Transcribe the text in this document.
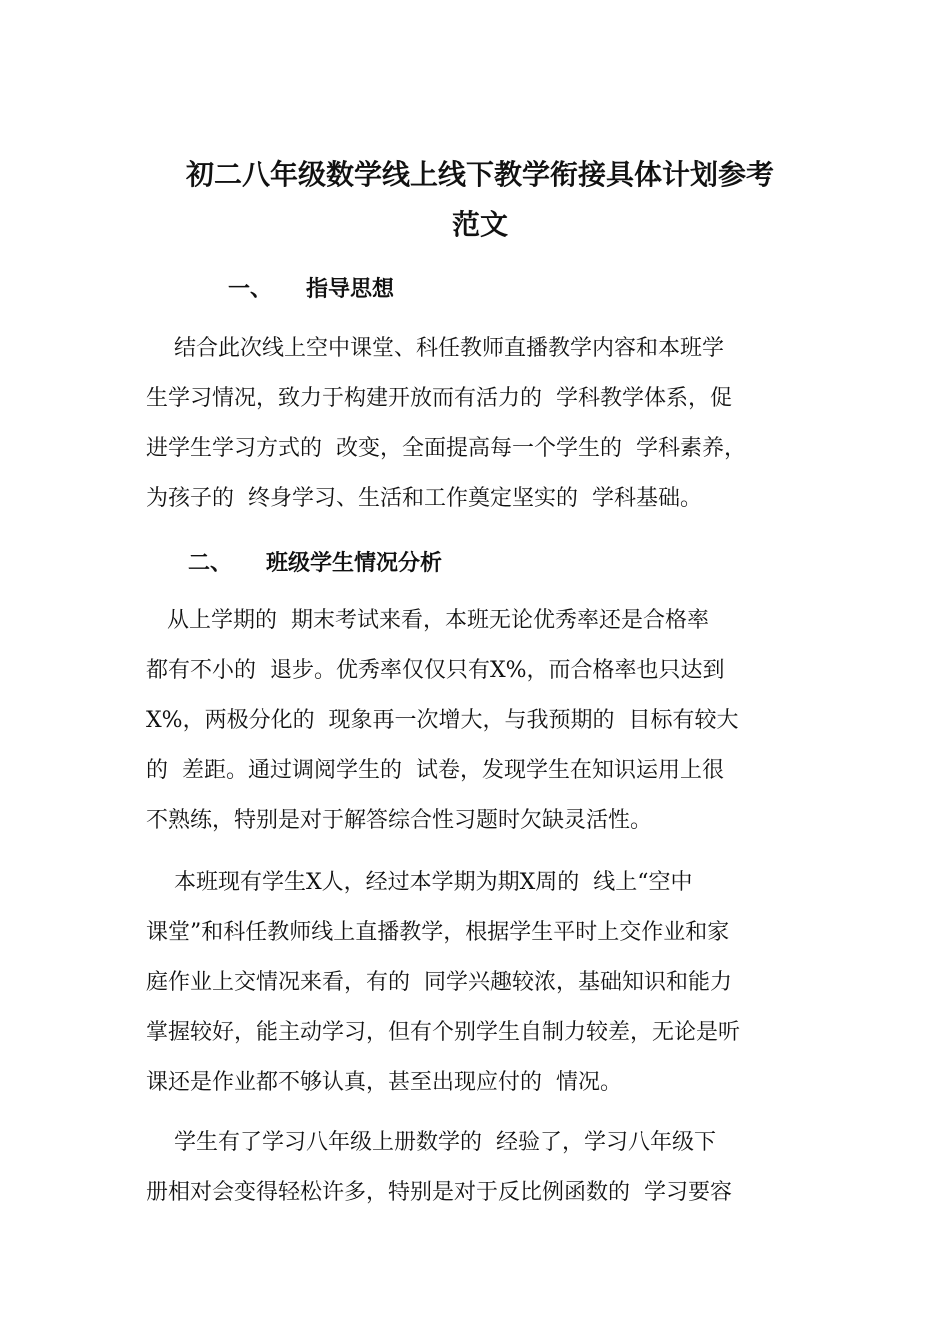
初二八年级数学线上线下教学衔接具体计划参考
范文
一、 指导思想

结合此次线上空中课堂、科任教师直播教学内容和本班学

生学习情况，致力于构建开放而有活力的  学科教学体系，促

进学生学习方式的  改变，全面提高每一个学生的  学科素养，

为孩子的  终身学习、生活和工作奠定坚实的  学科基础。

二、 班级学生情况分析

从上学期的  期末考试来看，本班无论优秀率还是合格率

都有不小的  退步。优秀率仅仅只有X%，而合格率也只达到

X%，两极分化的  现象再一次增大，与我预期的  目标有较大

的  差距。通过调阅学生的  试卷，发现学生在知识运用上很

不熟练，特别是对于解答综合性习题时欠缺灵活性。

本班现有学生X人，经过本学期为期X周的  线上“空中

课堂”和科任教师线上直播教学，根据学生平时上交作业和家

庭作业上交情况来看，有的  同学兴趣较浓，基础知识和能力

掌握较好，能主动学习，但有个别学生自制力较差，无论是听

课还是作业都不够认真，甚至出现应付的  情况。

学生有了学习八年级上册数学的  经验了，学习八年级下

册相对会变得轻松许多，特别是对于反比例函数的  学习要容
